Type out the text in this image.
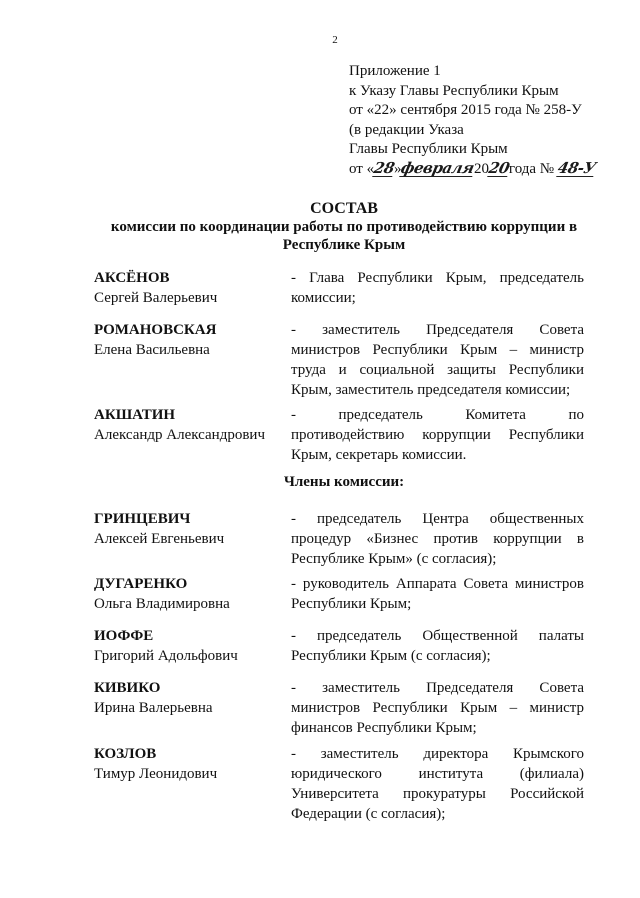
2
Приложение 1
к Указу Главы Республики Крым
от «22» сентября 2015 года № 258-У
(в редакции Указа
Главы Республики Крым
от «28»февраля2020года № 48-У
СОСТАВ
комиссии по координации работы по противодействию коррупции в Республике Крым
АКСЁНОВ
Сергей Валерьевич
- Глава Республики Крым, председатель комиссии;
РОМАНОВСКАЯ
Елена Васильевна
- заместитель Председателя Совета министров Республики Крым – министр труда и социальной защиты Республики Крым, заместитель председателя комиссии;
АКШАТИН
Александр Александрович
- председатель Комитета по противодействию коррупции Республики Крым, секретарь комиссии.
Члены комиссии:
ГРИНЦЕВИЧ
Алексей Евгеньевич
- председатель Центра общественных процедур «Бизнес против коррупции в Республике Крым» (с согласия);
ДУГАРЕНКО
Ольга Владимировна
- руководитель Аппарата Совета министров Республики Крым;
ИОФФЕ
Григорий Адольфович
- председатель Общественной палаты Республики Крым (с согласия);
КИВИКО
Ирина Валерьевна
- заместитель Председателя Совета министров Республики Крым – министр финансов Республики Крым;
КОЗЛОВ
Тимур Леонидович
- заместитель директора Крымского юридического института (филиала) Университета прокуратуры Российской Федерации (с согласия);
